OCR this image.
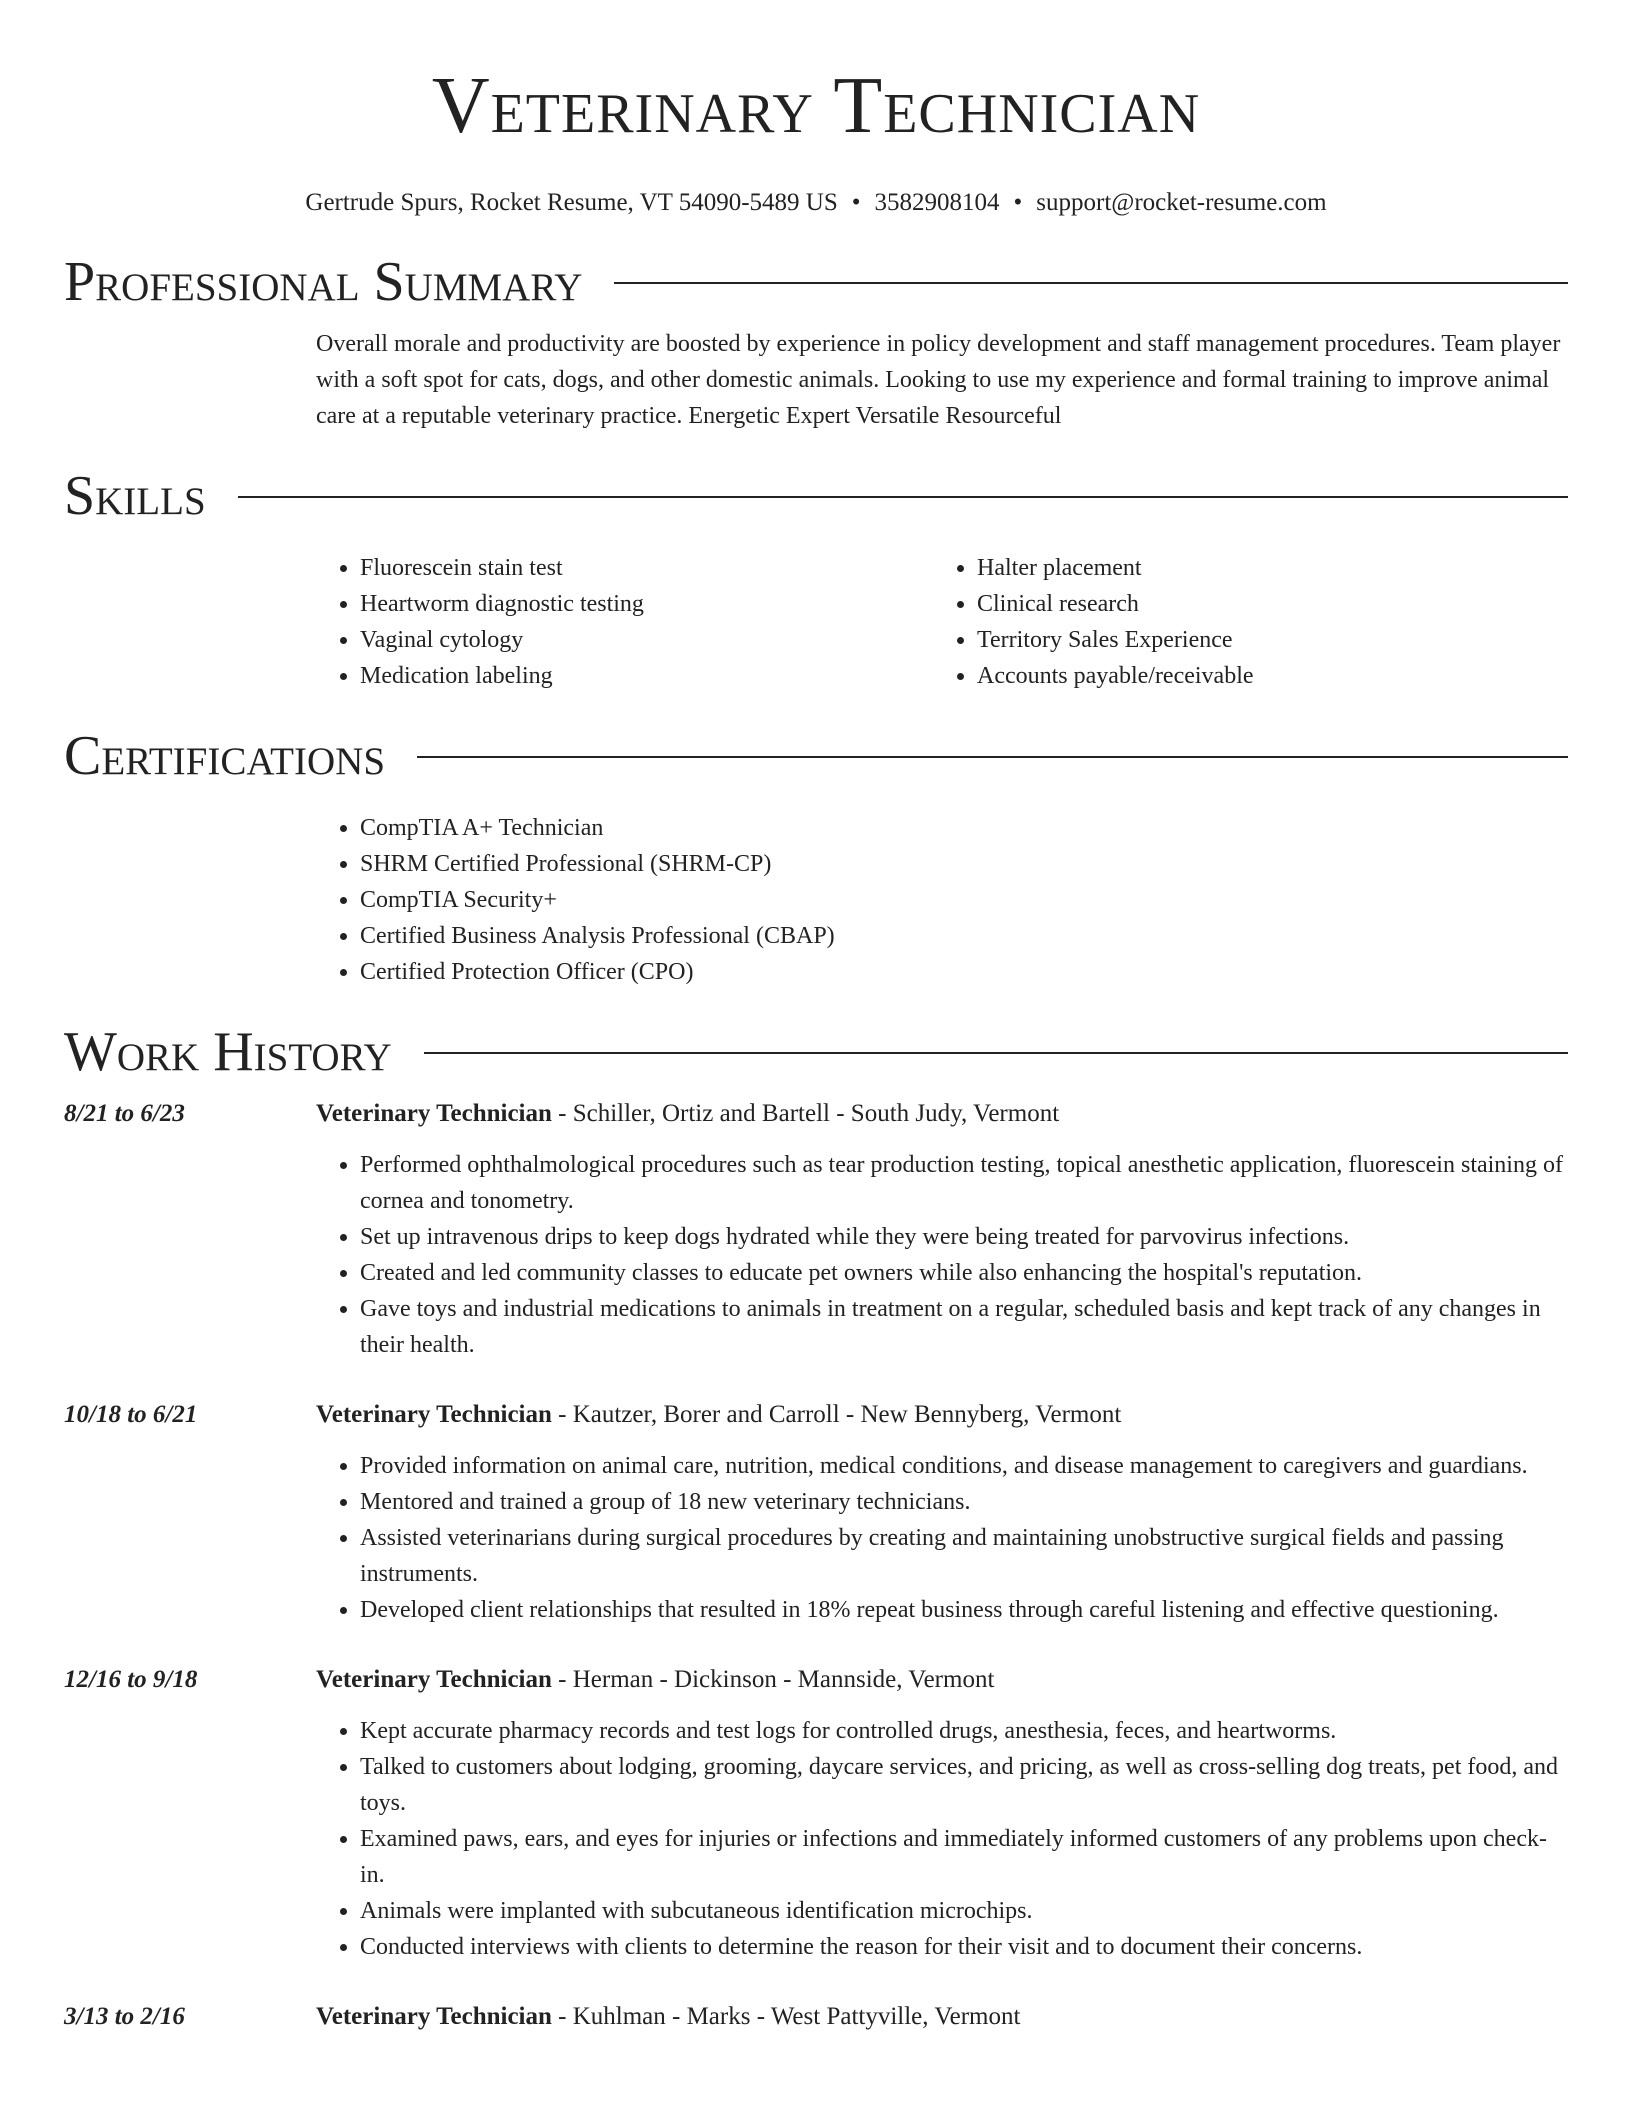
Veterinary Technician
Gertrude Spurs, Rocket Resume, VT 54090-5489 US • 3582908104 • support@rocket-resume.com
Professional Summary
Overall morale and productivity are boosted by experience in policy development and staff management procedures. Team player with a soft spot for cats, dogs, and other domestic animals. Looking to use my experience and formal training to improve animal care at a reputable veterinary practice. Energetic Expert Versatile Resourceful
Skills
• Fluorescein stain test
• Heartworm diagnostic testing
• Vaginal cytology
• Medication labeling
• Halter placement
• Clinical research
• Territory Sales Experience
• Accounts payable/receivable
Certifications
• CompTIA A+ Technician
• SHRM Certified Professional (SHRM-CP)
• CompTIA Security+
• Certified Business Analysis Professional (CBAP)
• Certified Protection Officer (CPO)
Work History
8/21 to 6/23	Veterinary Technician - Schiller, Ortiz and Bartell - South Judy, Vermont
• Performed ophthalmological procedures such as tear production testing, topical anesthetic application, fluorescein staining of cornea and tonometry.
• Set up intravenous drips to keep dogs hydrated while they were being treated for parvovirus infections.
• Created and led community classes to educate pet owners while also enhancing the hospital's reputation.
• Gave toys and industrial medications to animals in treatment on a regular, scheduled basis and kept track of any changes in their health.
10/18 to 6/21	Veterinary Technician - Kautzer, Borer and Carroll - New Bennyberg, Vermont
• Provided information on animal care, nutrition, medical conditions, and disease management to caregivers and guardians.
• Mentored and trained a group of 18 new veterinary technicians.
• Assisted veterinarians during surgical procedures by creating and maintaining unobstructive surgical fields and passing instruments.
• Developed client relationships that resulted in 18% repeat business through careful listening and effective questioning.
12/16 to 9/18	Veterinary Technician - Herman - Dickinson - Mannside, Vermont
• Kept accurate pharmacy records and test logs for controlled drugs, anesthesia, feces, and heartworms.
• Talked to customers about lodging, grooming, daycare services, and pricing, as well as cross-selling dog treats, pet food, and toys.
• Examined paws, ears, and eyes for injuries or infections and immediately informed customers of any problems upon check-in.
• Animals were implanted with subcutaneous identification microchips.
• Conducted interviews with clients to determine the reason for their visit and to document their concerns.
3/13 to 2/16	Veterinary Technician - Kuhlman - Marks - West Pattyville, Vermont
